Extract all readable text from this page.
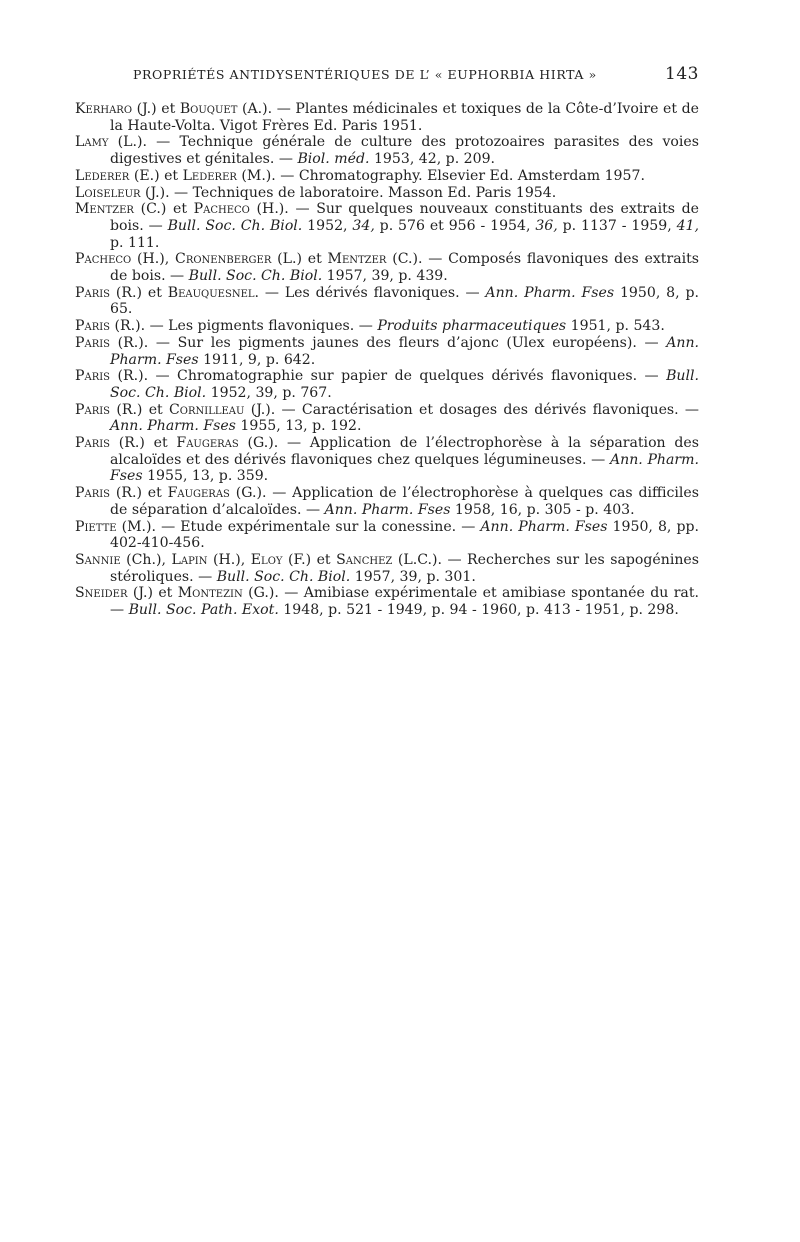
PROPRIÉTÉS ANTIDYSENTÉRIQUES DE L’ « EUPHORBIA HIRTA »	143
Kerharo (J.) et Bouquet (A.). — Plantes médicinales et toxiques de la Côte-d’Ivoire et de la Haute-Volta. Vigot Frères Ed. Paris 1951.
Lamy (L.). — Technique générale de culture des protozoaires parasites des voies digestives et génitales. — Biol. méd. 1953, 42, p. 209.
Lederer (E.) et Lederer (M.). — Chromatography. Elsevier Ed. Amsterdam 1957.
Loiseleur (J.). — Techniques de laboratoire. Masson Ed. Paris 1954.
Mentzer (C.) et Pacheco (H.). — Sur quelques nouveaux constituants des extraits de bois. — Bull. Soc. Ch. Biol. 1952, 34, p. 576 et 956 - 1954, 36, p. 1137 - 1959, 41, p. 111.
Pacheco (H.), Cronenberger (L.) et Mentzer (C.). — Composés flavoniques des extraits de bois. — Bull. Soc. Ch. Biol. 1957, 39, p. 439.
Paris (R.) et Beauquesnel. — Les dérivés flavoniques. — Ann. Pharm. Fses 1950, 8, p. 65.
Paris (R.). — Les pigments flavoniques. — Produits pharmaceutiques 1951, p. 543.
Paris (R.). — Sur les pigments jaunes des fleurs d’ajonc (Ulex européens). — Ann. Pharm. Fses 1911, 9, p. 642.
Paris (R.). — Chromatographie sur papier de quelques dérivés flavoniques. — Bull. Soc. Ch. Biol. 1952, 39, p. 767.
Paris (R.) et Cornilleau (J.). — Caractérisation et dosages des dérivés flavoniques. — Ann. Pharm. Fses 1955, 13, p. 192.
Paris (R.) et Faugeras (G.). — Application de l’électrophorèse à la séparation des alcaloïdes et des dérivés flavoniques chez quelques légumineuses. — Ann. Pharm. Fses 1955, 13, p. 359.
Paris (R.) et Faugeras (G.). — Application de l’électrophorèse à quelques cas difficiles de séparation d’alcaloïdes. — Ann. Pharm. Fses 1958, 16, p. 305 - p. 403.
Piette (M.). — Etude expérimentale sur la conessine. — Ann. Pharm. Fses 1950, 8, pp. 402-410-456.
Sannie (Ch.), Lapin (H.), Eloy (F.) et Sanchez (L.C.). — Recherches sur les sapogénines stéroliques. — Bull. Soc. Ch. Biol. 1957, 39, p. 301.
Sneider (J.) et Montezin (G.). — Amibiase expérimentale et amibiase spontanée du rat. — Bull. Soc. Path. Exot. 1948, p. 521 - 1949, p. 94 - 1960, p. 413 - 1951, p. 298.
